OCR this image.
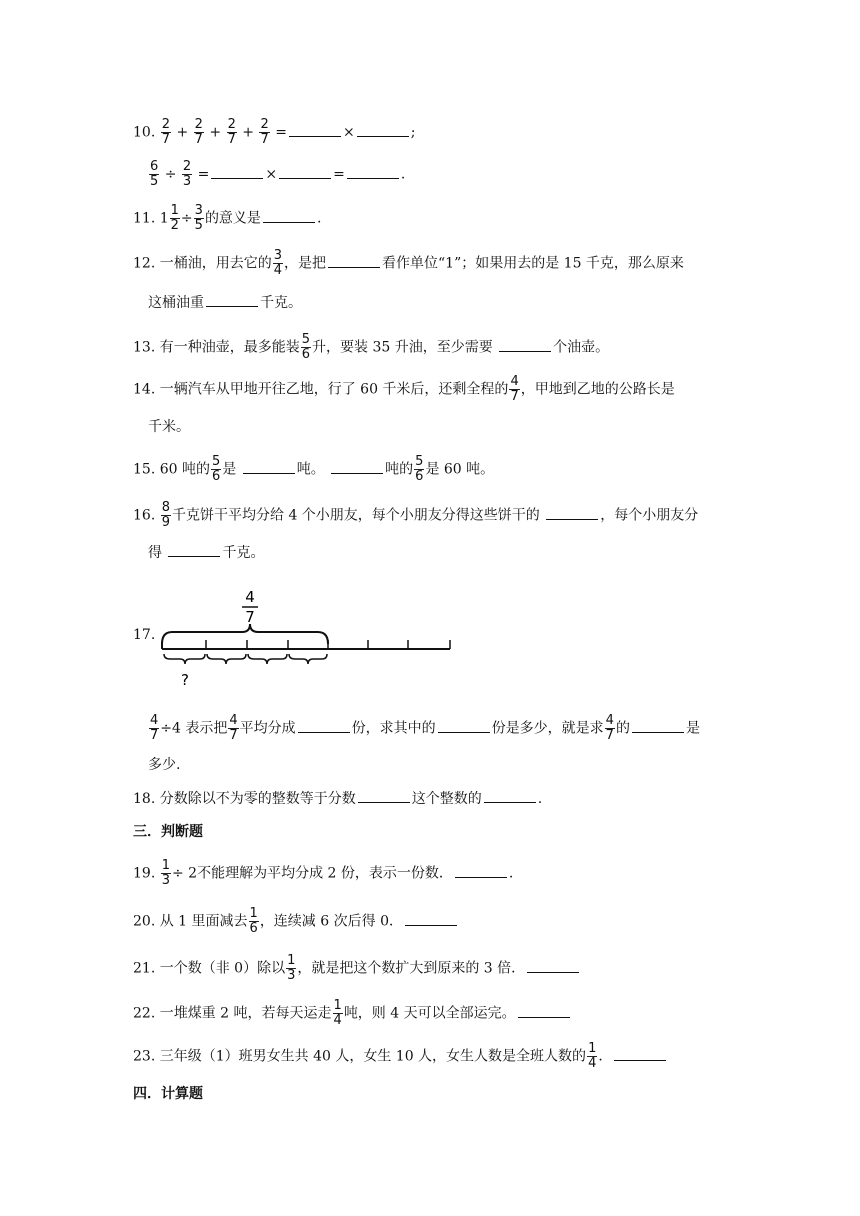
10. $\frac{2}{7} + \frac{2}{7} + \frac{2}{7} + \frac{2}{7}$ =	×	;
$\frac{6}{5} \div \frac{2}{3}$ =	×	=	.
11. $1 \frac{1}{2} \div \frac{3}{5}$ 的意义是	.
12. 一桶油，用去它的 $\frac{3}{4}$ ，是把	看作单位“1”；如果用去的是 15 千克，那么原来
这桶油重	千克。
13. 有一种油壶，最多能装 $\frac{5}{6}$ 升，要装 35 升油，至少需要	个油壶。
14. 一辆汽车从甲地开往乙地，行了 60 千米后，还剩全程的 $\frac{4}{7}$ ，甲地到乙地的公路长是
千米。
15. 60 吨的 $\frac{5}{6}$ 是	吨。	吨的 $\frac{5}{6}$ 是 60 吨。
16. $\frac{8}{9}$ 千克饼干平均分给 4 个小朋友，每个小朋友分得这些饼干的	，每个小朋友分
得	千克。
17.
4
7
?
$\frac{4}{7} \div 4$ 表示把 $\frac{4}{7}$ 平均分成	份，求其中的	份是多少，就是求 $\frac{4}{7}$ 的	是
多少.
18. 分数除以不为零的整数等于分数	这个整数的	.
三．判断题
19. $\frac{1}{3} \div 2$不能理解为平均分成 2 份，表示一份数．	.
20. 从 1 里面减去 $\frac{1}{6}$ ，连续减 6 次后得 0．
21. 一个数（非 0）除以 $\frac{1}{3}$ ，就是把这个数扩大到原来的 3 倍．
22. 一堆煤重 2 吨，若每天运走 $\frac{1}{4}$ 吨，则 4 天可以全部运完。
23. 三年级（1）班男女生共 40 人，女生 10 人，女生人数是全班人数的 $\frac{1}{4}$ ．
四．计算题
